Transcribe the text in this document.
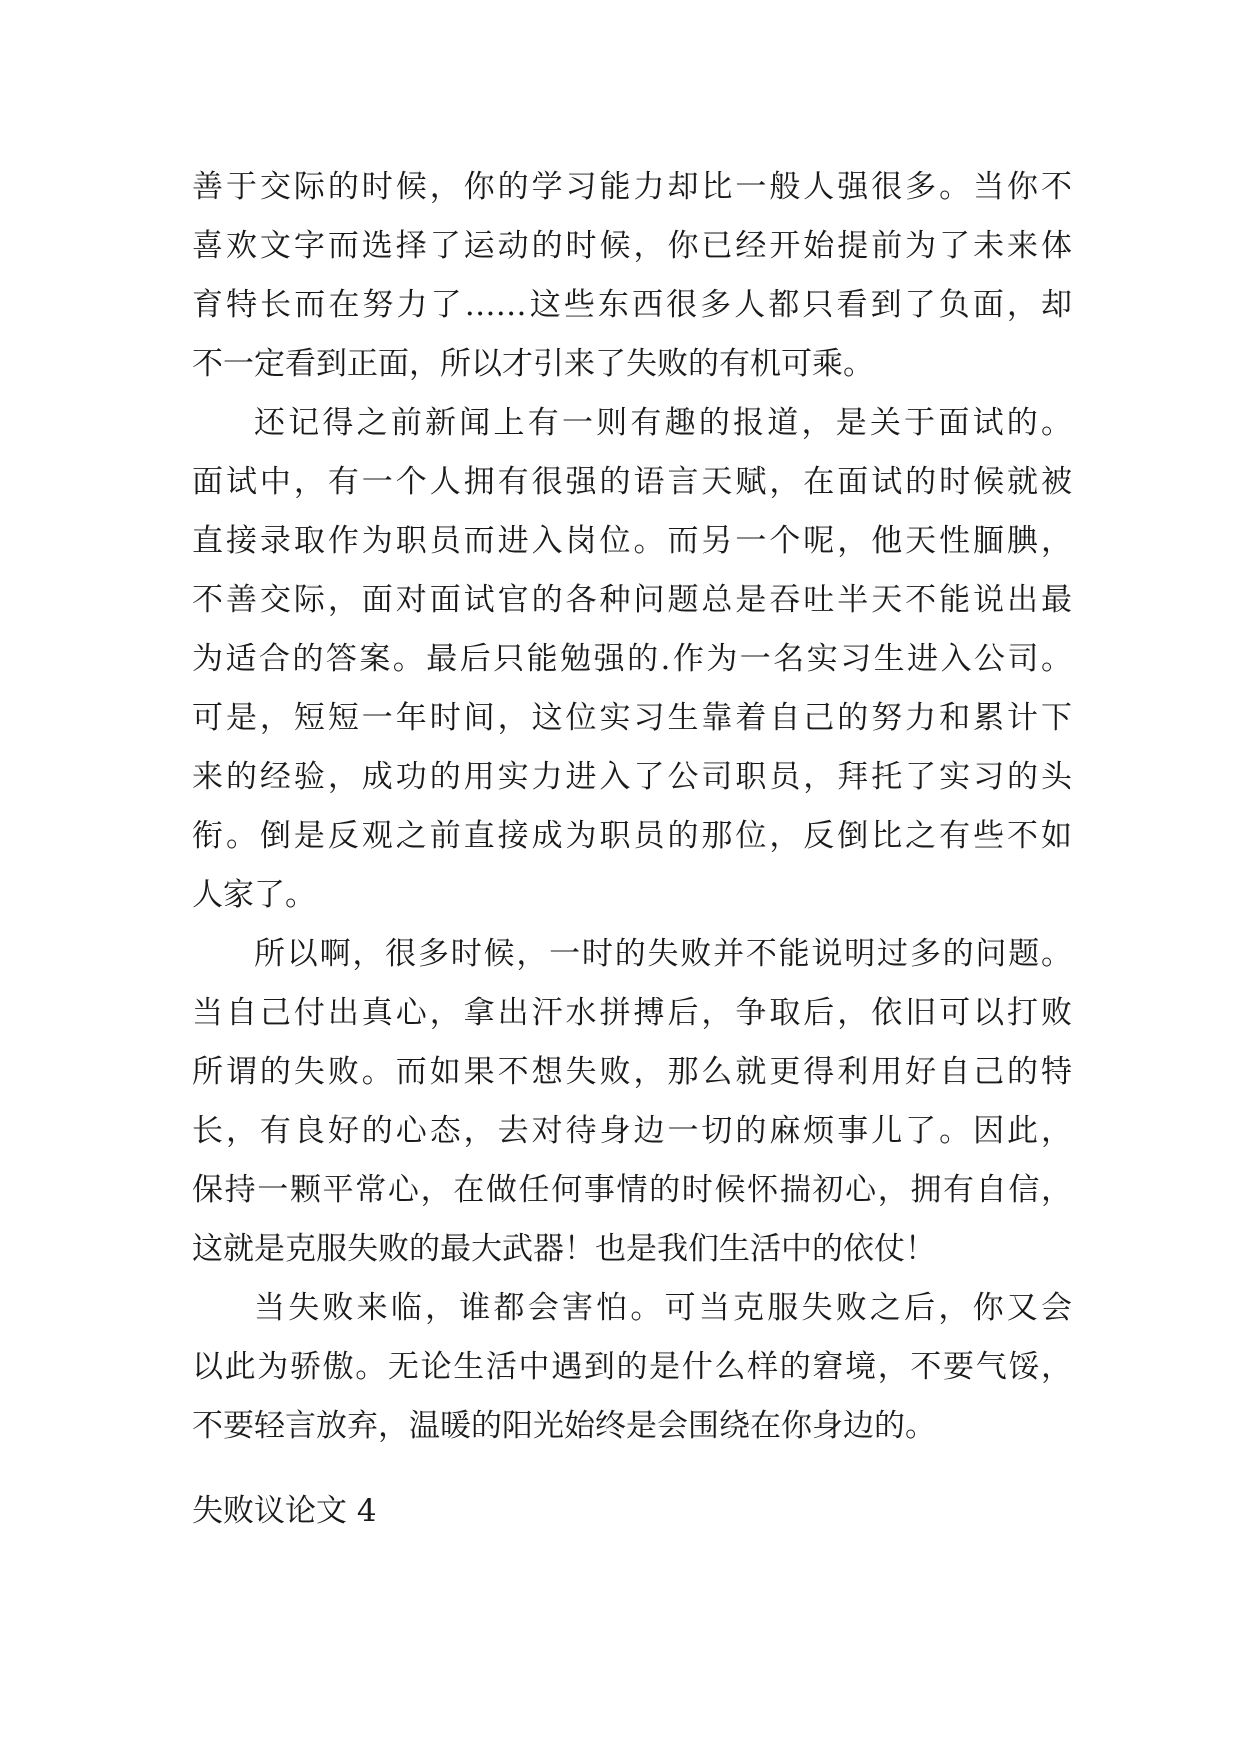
善于交际的时候，你的学习能力却比一般人强很多。当你不
喜欢文字而选择了运动的时候，你已经开始提前为了未来体
育特长而在努力了……这些东西很多人都只看到了负面，却
不一定看到正面，所以才引来了失败的有机可乘。
还记得之前新闻上有一则有趣的报道，是关于面试的。
面试中，有一个人拥有很强的语言天赋，在面试的时候就被
直接录取作为职员而进入岗位。而另一个呢，他天性腼腆，
不善交际，面对面试官的各种问题总是吞吐半天不能说出最
为适合的答案。最后只能勉强的.作为一名实习生进入公司。
可是，短短一年时间，这位实习生靠着自己的努力和累计下
来的经验，成功的用实力进入了公司职员，拜托了实习的头
衔。倒是反观之前直接成为职员的那位，反倒比之有些不如
人家了。
所以啊，很多时候，一时的失败并不能说明过多的问题。
当自己付出真心，拿出汗水拼搏后，争取后，依旧可以打败
所谓的失败。而如果不想失败，那么就更得利用好自己的特
长，有良好的心态，去对待身边一切的麻烦事儿了。因此，
保持一颗平常心，在做任何事情的时候怀揣初心，拥有自信，
这就是克服失败的最大武器！也是我们生活中的依仗！
当失败来临，谁都会害怕。可当克服失败之后，你又会
以此为骄傲。无论生活中遇到的是什么样的窘境，不要气馁，
不要轻言放弃，温暖的阳光始终是会围绕在你身边的。
失败议论文 4
